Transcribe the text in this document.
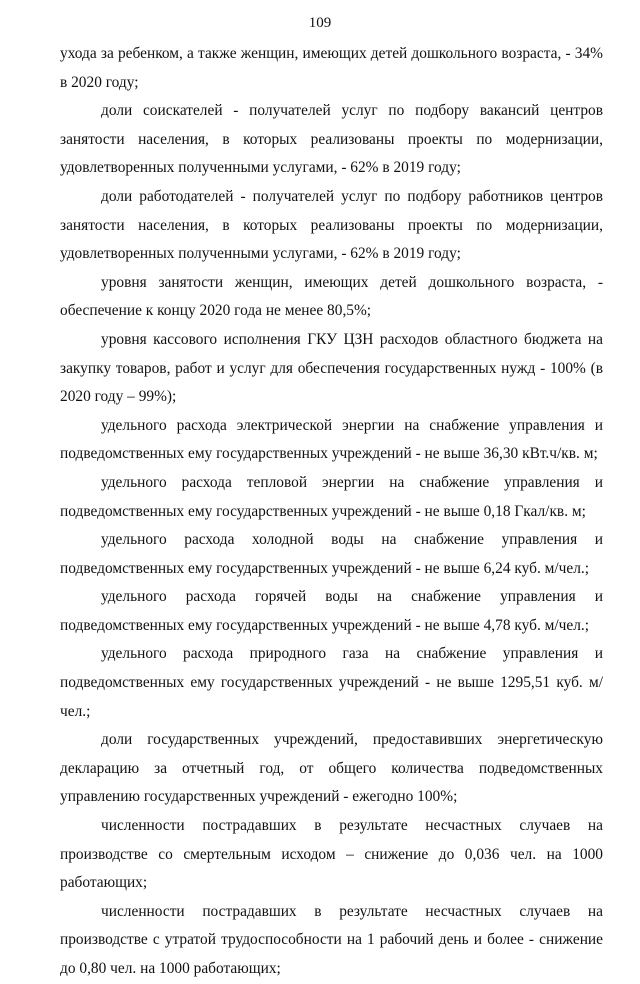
109

ухода за ребенком, а также женщин, имеющих детей дошкольного возраста, - 34% в 2020 году;

доли соискателей - получателей услуг по подбору вакансий центров занятости населения, в которых реализованы проекты по модернизации, удовлетворенных полученными услугами, - 62% в 2019 году;

доли работодателей - получателей услуг по подбору работников центров занятости населения, в которых реализованы проекты по модернизации, удовлетворенных полученными услугами, - 62% в 2019 году;

уровня занятости женщин, имеющих детей дошкольного возраста, - обеспечение к концу 2020 года не менее 80,5%;

уровня кассового исполнения ГКУ ЦЗН расходов областного бюджета на закупку товаров, работ и услуг для обеспечения государственных нужд - 100% (в 2020 году – 99%);

удельного расхода электрической энергии на снабжение управления и подведомственных ему государственных учреждений - не выше 36,30 кВт.ч/кв. м;

удельного расхода тепловой энергии на снабжение управления и подведомственных ему государственных учреждений - не выше 0,18 Гкал/кв. м;

удельного расхода холодной воды на снабжение управления и подведомственных ему государственных учреждений - не выше 6,24 куб. м/чел.;

удельного расхода горячей воды на снабжение управления и подведомственных ему государственных учреждений - не выше 4,78 куб. м/чел.;

удельного расхода природного газа на снабжение управления и подведомственных ему государственных учреждений - не выше 1295,51 куб. м/чел.;

доли государственных учреждений, предоставивших энергетическую декларацию за отчетный год, от общего количества подведомственных управлению государственных учреждений - ежегодно 100%;

численности пострадавших в результате несчастных случаев на производстве со смертельным исходом – снижение до 0,036 чел. на 1000 работающих;

численности пострадавших в результате несчастных случаев на производстве с утратой трудоспособности на 1 рабочий день и более - снижение до 0,80 чел. на 1000 работающих;
